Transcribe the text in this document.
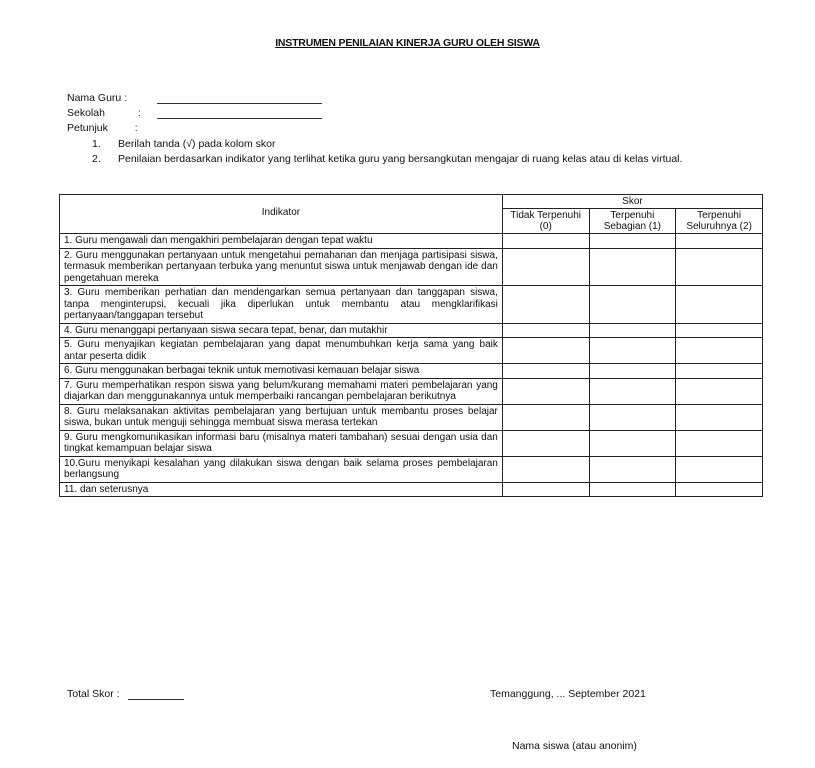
INSTRUMEN PENILAIAN KINERJA GURU OLEH SISWA
Nama Guru :
Sekolah	:
Petunjuk	:
1. Berilah tanda (√) pada kolom skor
2. Penilaian berdasarkan indikator yang terlihat ketika guru yang bersangkutan mengajar di ruang kelas atau di kelas virtual.
Indikator	Skor		
	Tidak Terpenuhi (0)	Terpenuhi Sebagian (1)	Terpenuhi Seluruhnya (2)
1. Guru mengawali dan mengakhiri pembelajaran dengan tepat waktu			
2. Guru menggunakan pertanyaan untuk mengetahui pemahanan dan menjaga partisipasi siswa, termasuk memberikan pertanyaan terbuka yang menuntut siswa untuk menjawab dengan ide dan pengetahuan mereka			
3. Guru memberikan perhatian dan mendengarkan semua pertanyaan dan tanggapan siswa, tanpa menginterupsi, kecuali jika diperlukan untuk membantu atau mengklarifikasi pertanyaan/tanggapan tersebut			
4. Guru menanggapi pertanyaan siswa secara tepat, benar, dan mutakhir			
5. Guru menyajikan kegiatan pembelajaran yang dapat menumbuhkan kerja sama yang baik antar peserta didik			
6. Guru menggunakan berbagai teknik untuk memotivasi kemauan belajar siswa			
7. Guru memperhatikan respon siswa yang belum/kurang memahami materi pembelajaran yang diajarkan dan menggunakannya untuk memperbaiki rancangan pembelajaran berikutnya			
8. Guru melaksanakan aktivitas pembelajaran yang bertujuan untuk membantu proses belajar siswa, bukan untuk menguji sehingga membuat siswa merasa tertekan			
9. Guru mengkomunikasikan informasi baru (misalnya materi tambahan) sesuai dengan usia dan tingkat kemampuan belajar siswa			
10.Guru menyikapi kesalahan yang dilakukan siswa dengan baik selama proses pembelajaran berlangsung			
11. dan seterusnya			
Total Skor :	Temanggung, ... September 2021
Nama siswa (atau anonim)
